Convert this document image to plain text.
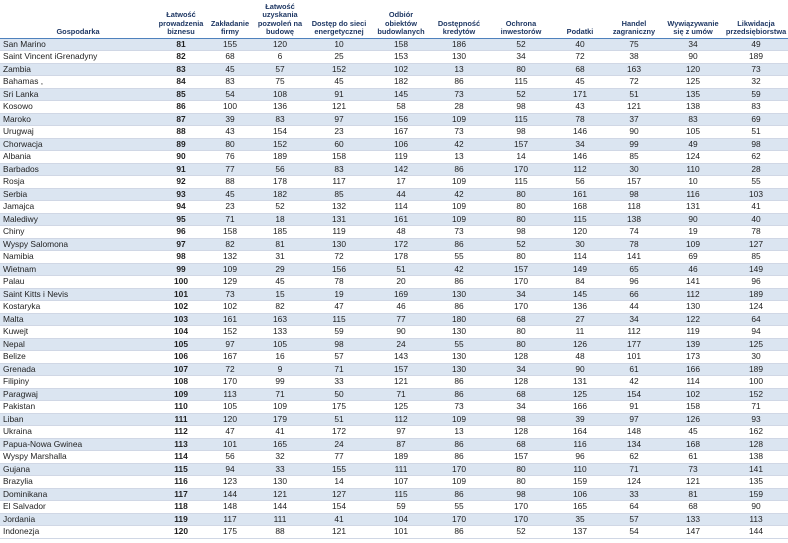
Gospodarka	Łatwość prowadzenia biznesu	Zakładanie firmy	Łatwość uzyskania pozwoleń na budowę	Dostęp do sieci energetycznej	Odbiór obiektów budowlanych	Dostępność kredytów	Ochrona inwestorów	Podatki	Handel zagraniczny	Wywiązywanie się z umów	Likwidacja przedsiębiorstwa
San Marino	81	155	120	10	158	186	52	40	75	34	49
Saint Vincent iGrenadyny	82	68	6	25	153	130	34	72	38	90	189
Zambia	83	45	57	152	102	13	80	68	163	120	73
Bahamas ,	84	83	75	45	182	86	115	45	72	125	32
Sri Lanka	85	54	108	91	145	73	52	171	51	135	59
Kosowo	86	100	136	121	58	28	98	43	121	138	83
Maroko	87	39	83	97	156	109	115	78	37	83	69
Urugwaj	88	43	154	23	167	73	98	146	90	105	51
Chorwacja	89	80	152	60	106	42	157	34	99	49	98
Albania	90	76	189	158	119	13	14	146	85	124	62
Barbados	91	77	56	83	142	86	170	112	30	110	28
Rosja	92	88	178	117	17	109	115	56	157	10	55
Serbia	93	45	182	85	44	42	80	161	98	116	103
Jamajca	94	23	52	132	114	109	80	168	118	131	41
Malediwy	95	71	18	131	161	109	80	115	138	90	40
Chiny	96	158	185	119	48	73	98	120	74	19	78
Wyspy Salomona	97	82	81	130	172	86	52	30	78	109	127
Namibia	98	132	31	72	178	55	80	114	141	69	85
Wietnam	99	109	29	156	51	42	157	149	65	46	149
Palau	100	129	45	78	20	86	170	84	96	141	96
Saint Kitts i Nevis	101	73	15	19	169	130	34	145	66	112	189
Kostaryka	102	102	82	47	46	86	170	136	44	130	124
Malta	103	161	163	115	77	180	68	27	34	122	64
Kuwejt	104	152	133	59	90	130	80	11	112	119	94
Nepal	105	97	105	98	24	55	80	126	177	139	125
Belize	106	167	16	57	143	130	128	48	101	173	30
Grenada	107	72	9	71	157	130	34	90	61	166	189
Filipiny	108	170	99	33	121	86	128	131	42	114	100
Paragwaj	109	113	71	50	71	86	68	125	154	102	152
Pakistan	110	105	109	175	125	73	34	166	91	158	71
Liban	111	120	179	51	112	109	98	39	97	126	93
Ukraina	112	47	41	172	97	13	128	164	148	45	162
Papua-Nowa Gwinea	113	101	165	24	87	86	68	116	134	168	128
Wyspy Marshalla	114	56	32	77	189	86	157	96	62	61	138
Gujana	115	94	33	155	111	170	80	110	71	73	141
Brazylia	116	123	130	14	107	109	80	159	124	121	135
Dominikana	117	144	121	127	115	86	98	106	33	81	159
El Salvador	118	148	144	154	59	55	170	165	64	68	90
Jordania	119	117	111	41	104	170	170	35	57	133	113
Indonezja	120	175	88	121	101	86	52	137	54	147	144
